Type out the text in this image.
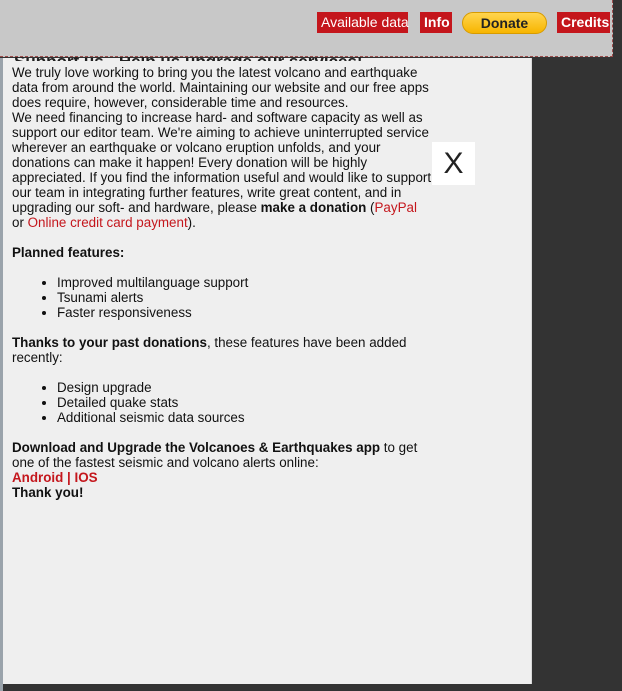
We truly love working to bring you the latest volcano and earthquake data from around the world. Maintaining our website and our free apps does require, however, considerable time and resources.

We need financing to increase hard- and software capacity as well as support our editor team. We're aiming to achieve uninterrupted service wherever an earthquake or volcano eruption unfolds, and your donations can make it happen! Every donation will be highly appreciated. If you find the information useful and would like to support our team in integrating further features, write great content, and in upgrading our soft- and hardware, please make a donation (PayPal or Online credit card payment).

Planned features:

• Improved multilanguage support
• Tsunami alerts
• Faster responsiveness

Thanks to your past donations, these features have been added recently:

• Design upgrade
• Detailed quake stats
• Additional seismic data sources

Download and Upgrade the Volcanoes & Earthquakes app to get one of the fastest seismic and volcano alerts online:

Android | IOS

Thank you!

X
Available data Info	Donate	Credits
